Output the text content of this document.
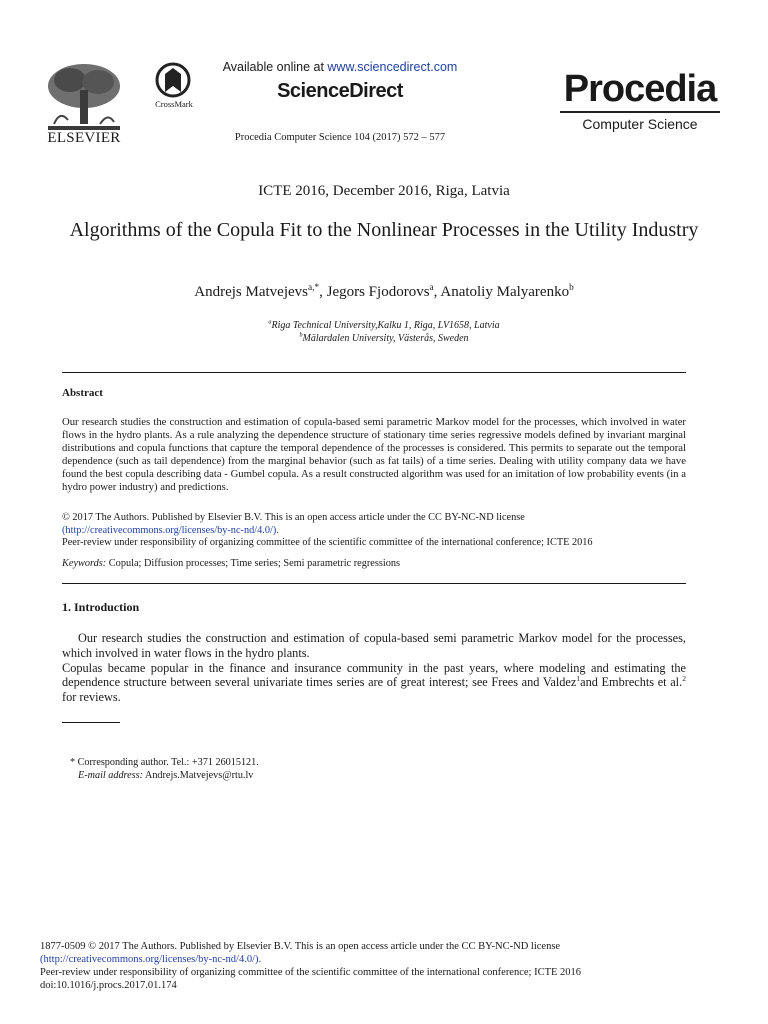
ELSEVIER
CrossMark
Available online at www.sciencedirect.com
ScienceDirect
Procedia Computer Science 104 (2017) 572 – 577
Procedia
Computer Science
ICTE 2016, December 2016, Riga, Latvia
Algorithms of the Copula Fit to the Nonlinear Processes in the Utility Industry
Andrejs Matvejevs$^{a,*}$, Jegors Fjodorovs$^a$, Anatoliy Malyarenko$^b$
$^a$Riga Technical University,Kalku 1, Riga, LV1658, Latvia
$^b$Mälardalen University, Västerås, Sweden
Abstract

Our research studies the construction and estimation of copula-based semi parametric Markov model for the processes, which involved in water flows in the hydro plants. As a rule analyzing the dependence structure of stationary time series regressive models defined by invariant marginal distributions and copula functions that capture the temporal dependence of the processes is considered. This permits to separate out the temporal dependence (such as tail dependence) from the marginal behavior (such as fat tails) of a time series. Dealing with utility company data we have found the best copula describing data - Gumbel copula. As a result constructed algorithm was used for an imitation of low probability events (in a hydro power industry) and predictions.

© 2017 The Authors. Published by Elsevier B.V. This is an open access article under the CC BY-NC-ND license
(http://creativecommons.org/licenses/by-nc-nd/4.0/).
Peer-review under responsibility of organizing committee of the scientific committee of the international conference; ICTE 2016
Keywords: Copula; Diffusion processes; Time series; Semi parametric regressions
1. Introduction

Our research studies the construction and estimation of copula-based semi parametric Markov model for the processes, which involved in water flows in the hydro plants.

Copulas became popular in the finance and insurance community in the past years, where modeling and estimating the dependence structure between several univariate times series are of great interest; see Frees and Valdez$^1$and Embrechts et al.$^2$ for reviews.

* Corresponding author. Tel.: +371 26015121.
E-mail address: Andrejs.Matvejevs@rtu.lv
1877-0509 © 2017 The Authors. Published by Elsevier B.V. This is an open access article under the CC BY-NC-ND license
(http://creativecommons.org/licenses/by-nc-nd/4.0/).
Peer-review under responsibility of organizing committee of the scientific committee of the international conference; ICTE 2016
doi:10.1016/j.procs.2017.01.174
